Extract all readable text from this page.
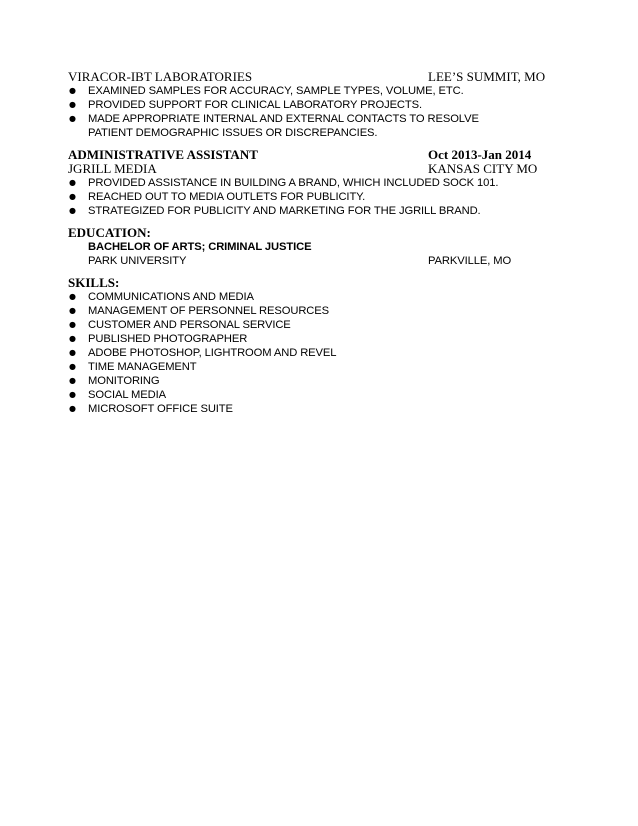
VIRACOR-IBT LABORATORIES	LEE’S SUMMIT, MO
● EXAMINED SAMPLES FOR ACCURACY, SAMPLE TYPES, VOLUME, ETC.
● PROVIDED SUPPORT FOR CLINICAL LABORATORY PROJECTS.
● MADE APPROPRIATE INTERNAL AND EXTERNAL CONTACTS TO RESOLVE
PATIENT DEMOGRAPHIC ISSUES OR DISCREPANCIES.
ADMINISTRATIVE ASSISTANT	Oct 2013-Jan 2014
JGRILL MEDIA	KANSAS CITY MO
● PROVIDED ASSISTANCE IN BUILDING A BRAND, WHICH INCLUDED SOCK 101.
● REACHED OUT TO MEDIA OUTLETS FOR PUBLICITY.
● STRATEGIZED FOR PUBLICITY AND MARKETING FOR THE JGRILL BRAND.
EDUCATION:
BACHELOR OF ARTS; CRIMINAL JUSTICE
PARK UNIVERSITY	PARKVILLE, MO
SKILLS:
● COMMUNICATIONS AND MEDIA
● MANAGEMENT OF PERSONNEL RESOURCES
● CUSTOMER AND PERSONAL SERVICE
● PUBLISHED PHOTOGRAPHER
● ADOBE PHOTOSHOP, LIGHTROOM AND REVEL
● TIME MANAGEMENT
● MONITORING
● SOCIAL MEDIA
● MICROSOFT OFFICE SUITE
